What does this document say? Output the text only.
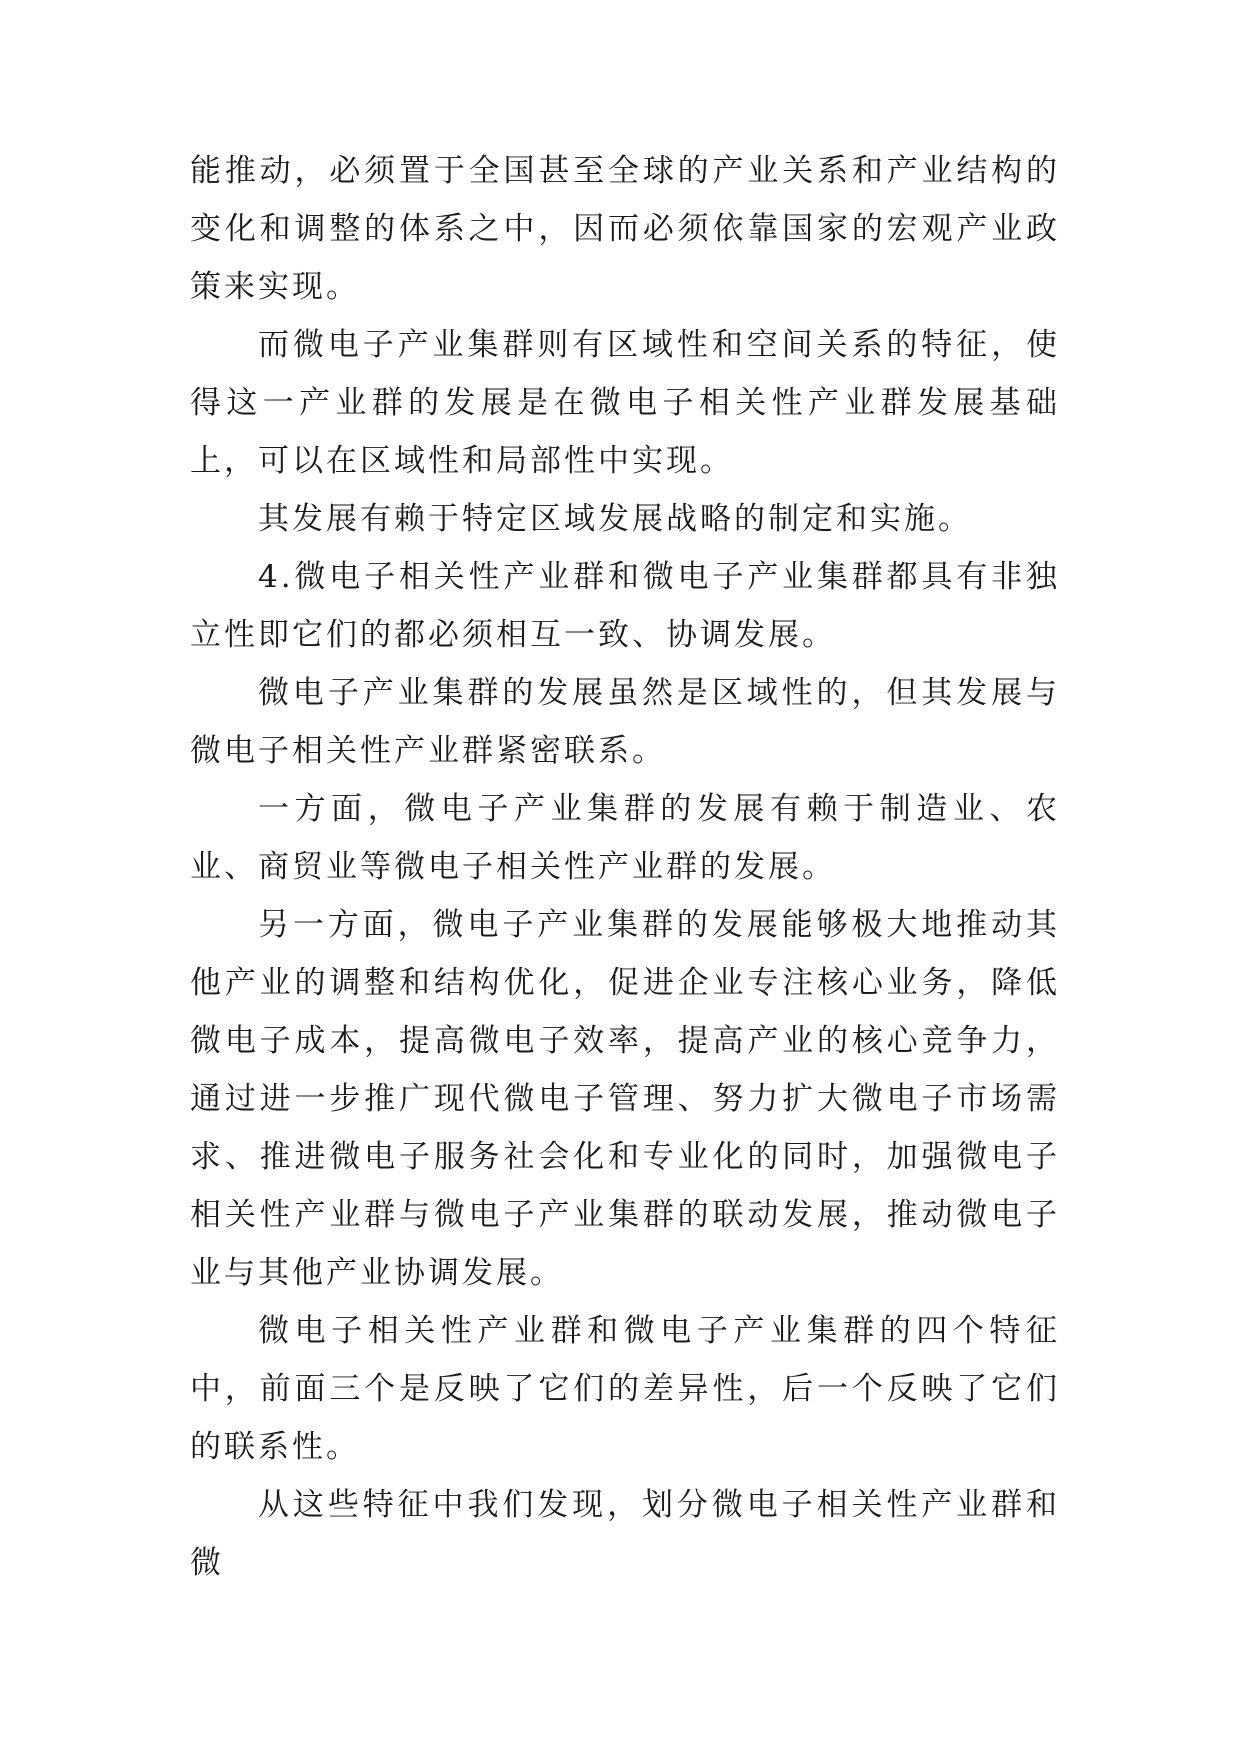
能推动，必须置于全国甚至全球的产业关系和产业结构的变化和调整的体系之中，因而必须依靠国家的宏观产业政策来实现。

而微电子产业集群则有区域性和空间关系的特征，使得这一产业群的发展是在微电子相关性产业群发展基础上，可以在区域性和局部性中实现。

其发展有赖于特定区域发展战略的制定和实施。

4.微电子相关性产业群和微电子产业集群都具有非独立性即它们的都必须相互一致、协调发展。

微电子产业集群的发展虽然是区域性的，但其发展与微电子相关性产业群紧密联系。

一方面，微电子产业集群的发展有赖于制造业、农业、商贸业等微电子相关性产业群的发展。

另一方面，微电子产业集群的发展能够极大地推动其他产业的调整和结构优化，促进企业专注核心业务，降低微电子成本，提高微电子效率，提高产业的核心竞争力，通过进一步推广现代微电子管理、努力扩大微电子市场需求、推进微电子服务社会化和专业化的同时，加强微电子相关性产业群与微电子产业集群的联动发展，推动微电子业与其他产业协调发展。

微电子相关性产业群和微电子产业集群的四个特征中，前面三个是反映了它们的差异性，后一个反映了它们的联系性。

从这些特征中我们发现，划分微电子相关性产业群和微
